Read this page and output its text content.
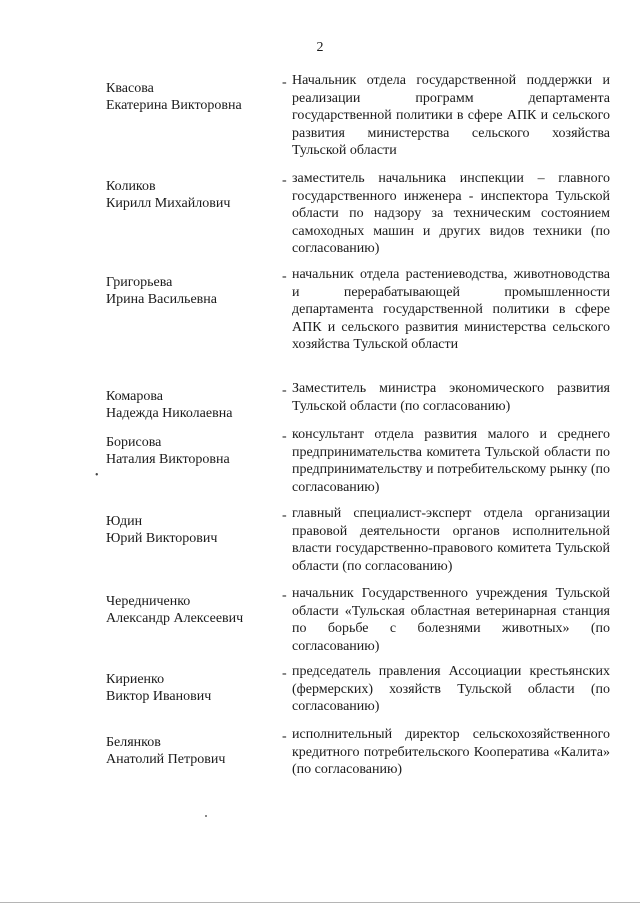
2
Квасова
Екатерина Викторовна
- Начальник отдела государственной поддержки и реализации программ департамента государственной политики в сфере АПК и сельского развития министерства сельского хозяйства Тульской области
Коликов
Кирилл Михайлович
- заместитель начальника инспекции – главного государственного инженера - инспектора Тульской области по надзору за техническим состоянием самоходных машин и других видов техники (по согласованию)
Григорьева
Ирина Васильевна
- начальник отдела растениеводства, животноводства и перерабатывающей промышленности департамента государственной политики в сфере АПК и сельского развития министерства сельского хозяйства Тульской области
Комарова
Надежда Николаевна
- Заместитель министра экономического развития Тульской области (по согласованию)
Борисова
Наталия Викторовна
- консультант отдела развития малого и среднего предпринимательства комитета Тульской области по предпринимательству и потребительскому рынку (по согласованию)
Юдин
Юрий Викторович
- главный специалист-эксперт отдела организации правовой деятельности органов исполнительной власти государственно-правового комитета Тульской области (по согласованию)
Чередниченко
Александр Алексеевич
- начальник Государственного учреждения Тульской области «Тульская областная ветеринарная станция по борьбе с болезнями животных» (по согласованию)
Кириенко
Виктор Иванович
- председатель правления Ассоциации крестьянских (фермерских) хозяйств Тульской области (по согласованию)
Белянков
Анатолий Петрович
- исполнительный директор сельскохозяйственного кредитного потребительского Кооператива «Калита» (по согласованию)
•
